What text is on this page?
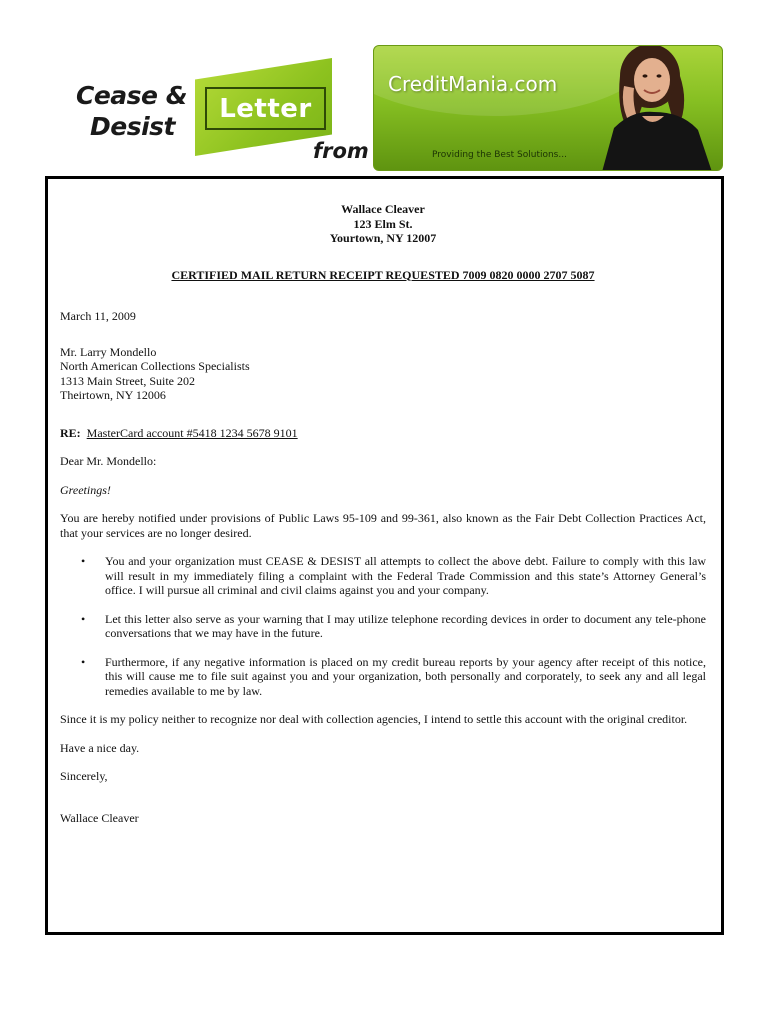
Cease &
Desist
Letter
from
CreditMania.com
Providing the Best Solutions...
Wallace Cleaver
123 Elm St.
Yourtown, NY 12007
CERTIFIED MAIL RETURN RECEIPT REQUESTED 7009 0820 0000 2707 5087
March 11, 2009
Mr. Larry Mondello
North American Collections Specialists
1313 Main Street, Suite 202
Theirtown, NY 12006
RE: MasterCard account #5418 1234 5678 9101
Dear Mr. Mondello:
Greetings!
You are hereby notified under provisions of Public Laws 95-109 and 99-361, also known as the Fair Debt Collection Practices Act, that your services are no longer desired.
• You and your organization must CEASE & DESIST all attempts to collect the above debt. Failure to comply with this law will result in my immediately filing a complaint with the Federal Trade Commission and this state’s Attorney General’s office. I will pursue all criminal and civil claims against you and your company.
• Let this letter also serve as your warning that I may utilize telephone recording devices in order to document any tele-phone conversations that we may have in the future.
• Furthermore, if any negative information is placed on my credit bureau reports by your agency after receipt of this notice, this will cause me to file suit against you and your organization, both personally and corporately, to seek any and all legal remedies available to me by law.
Since it is my policy neither to recognize nor deal with collection agencies, I intend to settle this account with the original creditor.
Have a nice day.
Sincerely,
Wallace Cleaver
